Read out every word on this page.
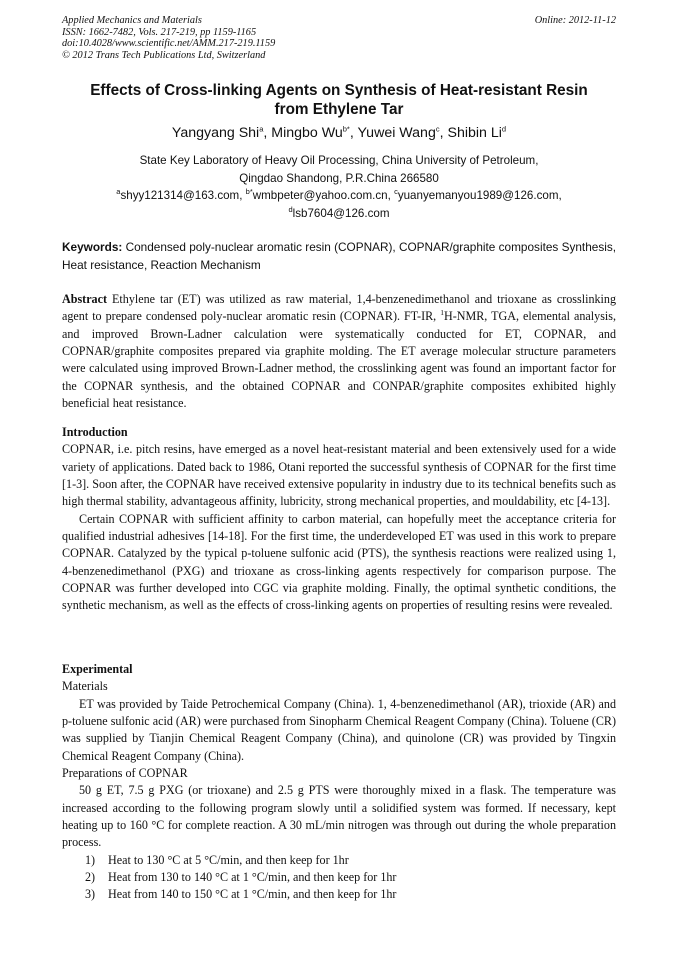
Applied Mechanics and Materials
ISSN: 1662-7482, Vols. 217-219, pp 1159-1165
doi:10.4028/www.scientific.net/AMM.217-219.1159
© 2012 Trans Tech Publications Ltd, Switzerland
Online: 2012-11-12
Effects of Cross-linking Agents on Synthesis of Heat-resistant Resin
from Ethylene Tar
Yangyang Shi$^a$, Mingbo $Wu^{b*}$, Yuwei Wang$^c$, Shibin Li$^d$
State Key Laboratory of Heavy Oil Processing, China University of Petroleum,
Qingdao Shandong, P.R.China 266580
$^a$shyy121314@163.com, $^{b*}$wmbpeter@yahoo.com.cn, $^c$yuanyemanyou1989@126.com,
$^d$lsb7604@126.com
Keywords: Condensed poly-nuclear aromatic resin (COPNAR), COPNAR/graphite composites Synthesis, Heat resistance, Reaction Mechanism

Abstract Ethylene tar (ET) was utilized as raw material, 1,4-benzenedimethanol and trioxane as crosslinking agent to prepare condensed poly-nuclear aromatic resin (COPNAR). FT-IR, $^1$H-NMR, TGA, elemental analysis, and improved Brown-Ladner calculation were systematically conducted for ET, COPNAR, and COPNAR/graphite composites prepared via graphite molding. The ET average molecular structure parameters were calculated using improved Brown-Ladner method, the crosslinking agent was found an important factor for the COPNAR synthesis, and the obtained COPNAR and CONPAR/graphite composites exhibited highly beneficial heat resistance.

Introduction

COPNAR, i.e. pitch resins, have emerged as a novel heat-resistant material and been extensively used for a wide variety of applications. Dated back to 1986, Otani reported the successful synthesis of COPNAR for the first time [1-3]. Soon after, the COPNAR have received extensive popularity in industry due to its technical benefits such as high thermal stability, advantageous affinity, lubricity, strong mechanical properties, and mouldability, etc [4-13].

Certain COPNAR with sufficient affinity to carbon material, can hopefully meet the acceptance criteria for qualified industrial adhesives [14-18]. For the first time, the underdeveloped ET was used in this work to prepare COPNAR. Catalyzed by the typical p-toluene sulfonic acid (PTS), the synthesis reactions were realized using 1, 4-benzenedimethanol (PXG) and trioxane as cross-linking agents respectively for comparison purpose. The COPNAR was further developed into CGC via graphite molding. Finally, the optimal synthetic conditions, the synthetic mechanism, as well as the effects of cross-linking agents on properties of resulting resins were revealed.

Experimental

Materials

ET was provided by Taide Petrochemical Company (China). 1, 4-benzenedimethanol (AR), trioxide (AR) and p-toluene sulfonic acid (AR) were purchased from Sinopharm Chemical Reagent Company (China). Toluene (CR) was supplied by Tianjin Chemical Reagent Company (China), and quinolone (CR) was provided by Tingxin Chemical Reagent Company (China).

Preparations of COPNAR

50 g ET, 7.5 g PXG (or trioxane) and 2.5 g PTS were thoroughly mixed in a flask. The temperature was increased according to the following program slowly until a solidified system was formed. If necessary, kept heating up to 160 °C for complete reaction. A 30 mL/min nitrogen was through out during the whole preparation process.

1)	Heat to 130 °C at 5 °C/min, and then keep for 1hr
2)	Heat from 130 to 140 °C at 1 °C/min, and then keep for 1hr
3)	Heat from 140 to 150 °C at 1 °C/min, and then keep for 1hr
